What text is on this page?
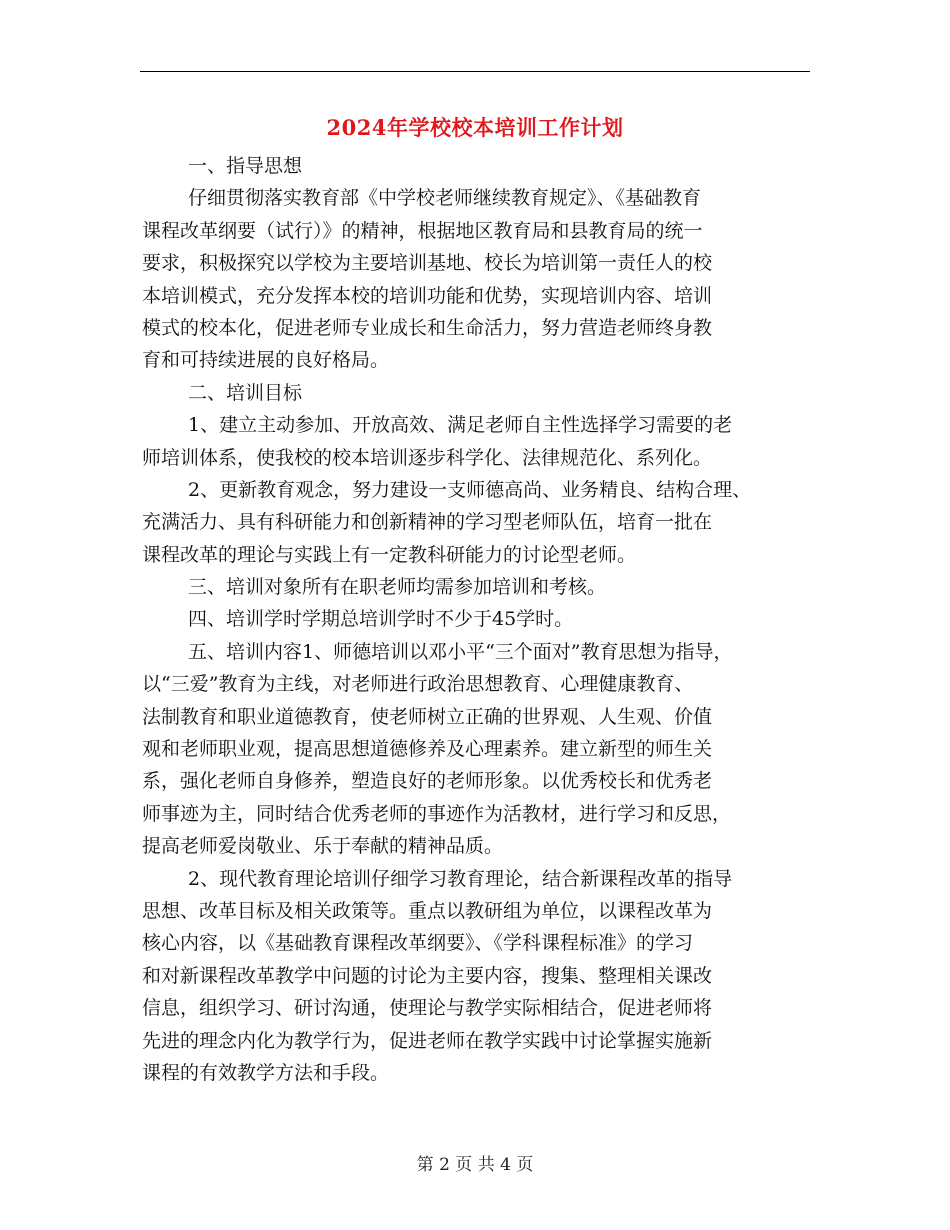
2024年学校校本培训工作计划
一、指导思想
仔细贯彻落实教育部《中学校老师继续教育规定》、《基础教育
课程改革纲要（试行）》的精神，根据地区教育局和县教育局的统一
要求，积极探究以学校为主要培训基地、校长为培训第一责任人的校
本培训模式，充分发挥本校的培训功能和优势，实现培训内容、培训
模式的校本化，促进老师专业成长和生命活力，努力营造老师终身教
育和可持续进展的良好格局。
二、培训目标
1、建立主动参加、开放高效、满足老师自主性选择学习需要的老
师培训体系，使我校的校本培训逐步科学化、法律规范化、系列化。
2、更新教育观念，努力建设一支师德高尚、业务精良、结构合理、
充满活力、具有科研能力和创新精神的学习型老师队伍，培育一批在
课程改革的理论与实践上有一定教科研能力的讨论型老师。
三、培训对象所有在职老师均需参加培训和考核。
四、培训学时学期总培训学时不少于45学时。
五、培训内容1、师德培训以邓小平“三个面对”教育思想为指导，
以“三爱”教育为主线，对老师进行政治思想教育、心理健康教育、
法制教育和职业道德教育，使老师树立正确的世界观、人生观、价值
观和老师职业观，提高思想道德修养及心理素养。建立新型的师生关
系，强化老师自身修养，塑造良好的老师形象。以优秀校长和优秀老
师事迹为主，同时结合优秀老师的事迹作为活教材，进行学习和反思，
提高老师爱岗敬业、乐于奉献的精神品质。
2、现代教育理论培训仔细学习教育理论，结合新课程改革的指导
思想、改革目标及相关政策等。重点以教研组为单位，以课程改革为
核心内容，以《基础教育课程改革纲要》、《学科课程标准》的学习
和对新课程改革教学中问题的讨论为主要内容，搜集、整理相关课改
信息，组织学习、研讨沟通，使理论与教学实际相结合，促进老师将
先进的理念内化为教学行为，促进老师在教学实践中讨论掌握实施新
课程的有效教学方法和手段。
第 2 页 共 4 页
